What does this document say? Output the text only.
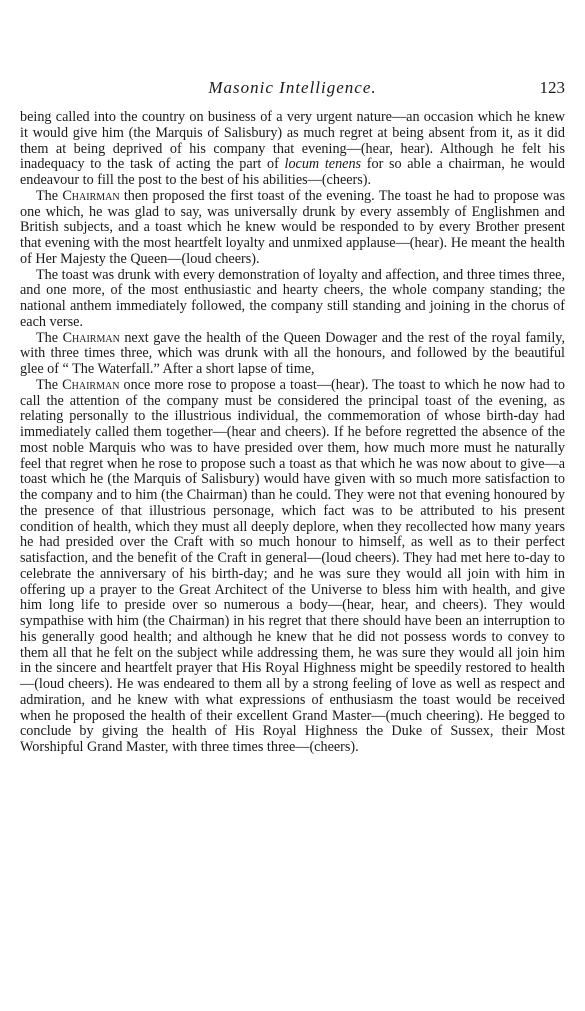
Masonic Intelligence.	123

being called into the country on business of a very urgent nature—an occasion which he knew it would give him (the Marquis of Salisbury) as much regret at being absent from it, as it did them at being deprived of his company that evening—(hear, hear). Although he felt his inadequacy to the task of acting the part of locum tenens for so able a chairman, he would endeavour to fill the post to the best of his abilities—(cheers).

The Chairman then proposed the first toast of the evening. The toast he had to propose was one which, he was glad to say, was universally drunk by every assembly of Englishmen and British subjects, and a toast which he knew would be responded to by every Brother present that evening with the most heartfelt loyalty and unmixed applause—(hear). He meant the health of Her Majesty the Queen—(loud cheers).

The toast was drunk with every demonstration of loyalty and affection, and three times three, and one more, of the most enthusiastic and hearty cheers, the whole company standing; the national anthem immediately followed, the company still standing and joining in the chorus of each verse.

The Chairman next gave the health of the Queen Dowager and the rest of the royal family, with three times three, which was drunk with all the honours, and followed by the beautiful glee of “ The Waterfall.” After a short lapse of time,

The Chairman once more rose to propose a toast—(hear). The toast to which he now had to call the attention of the company must be considered the principal toast of the evening, as relating personally to the illustrious individual, the commemoration of whose birth-day had immediately called them together—(hear and cheers). If he before regretted the absence of the most noble Marquis who was to have presided over them, how much more must he naturally feel that regret when he rose to propose such a toast as that which he was now about to give—a toast which he (the Marquis of Salisbury) would have given with so much more satisfaction to the company and to him (the Chairman) than he could. They were not that evening honoured by the presence of that illustrious personage, which fact was to be attributed to his present condition of health, which they must all deeply deplore, when they recollected how many years he had presided over the Craft with so much honour to himself, as well as to their perfect satisfaction, and the benefit of the Craft in general—(loud cheers). They had met here to-day to celebrate the anniversary of his birth-day; and he was sure they would all join with him in offering up a prayer to the Great Architect of the Universe to bless him with health, and give him long life to preside over so numerous a body—(hear, hear, and cheers). They would sympathise with him (the Chairman) in his regret that there should have been an interruption to his generally good health; and although he knew that he did not possess words to convey to them all that he felt on the subject while addressing them, he was sure they would all join him in the sincere and heartfelt prayer that His Royal Highness might be speedily restored to health—(loud cheers). He was endeared to them all by a strong feeling of love as well as respect and admiration, and he knew with what expressions of enthusiasm the toast would be received when he proposed the health of their excellent Grand Master—(much cheering). He begged to conclude by giving the health of His Royal Highness the Duke of Sussex, their Most Worshipful Grand Master, with three times three—(cheers).
